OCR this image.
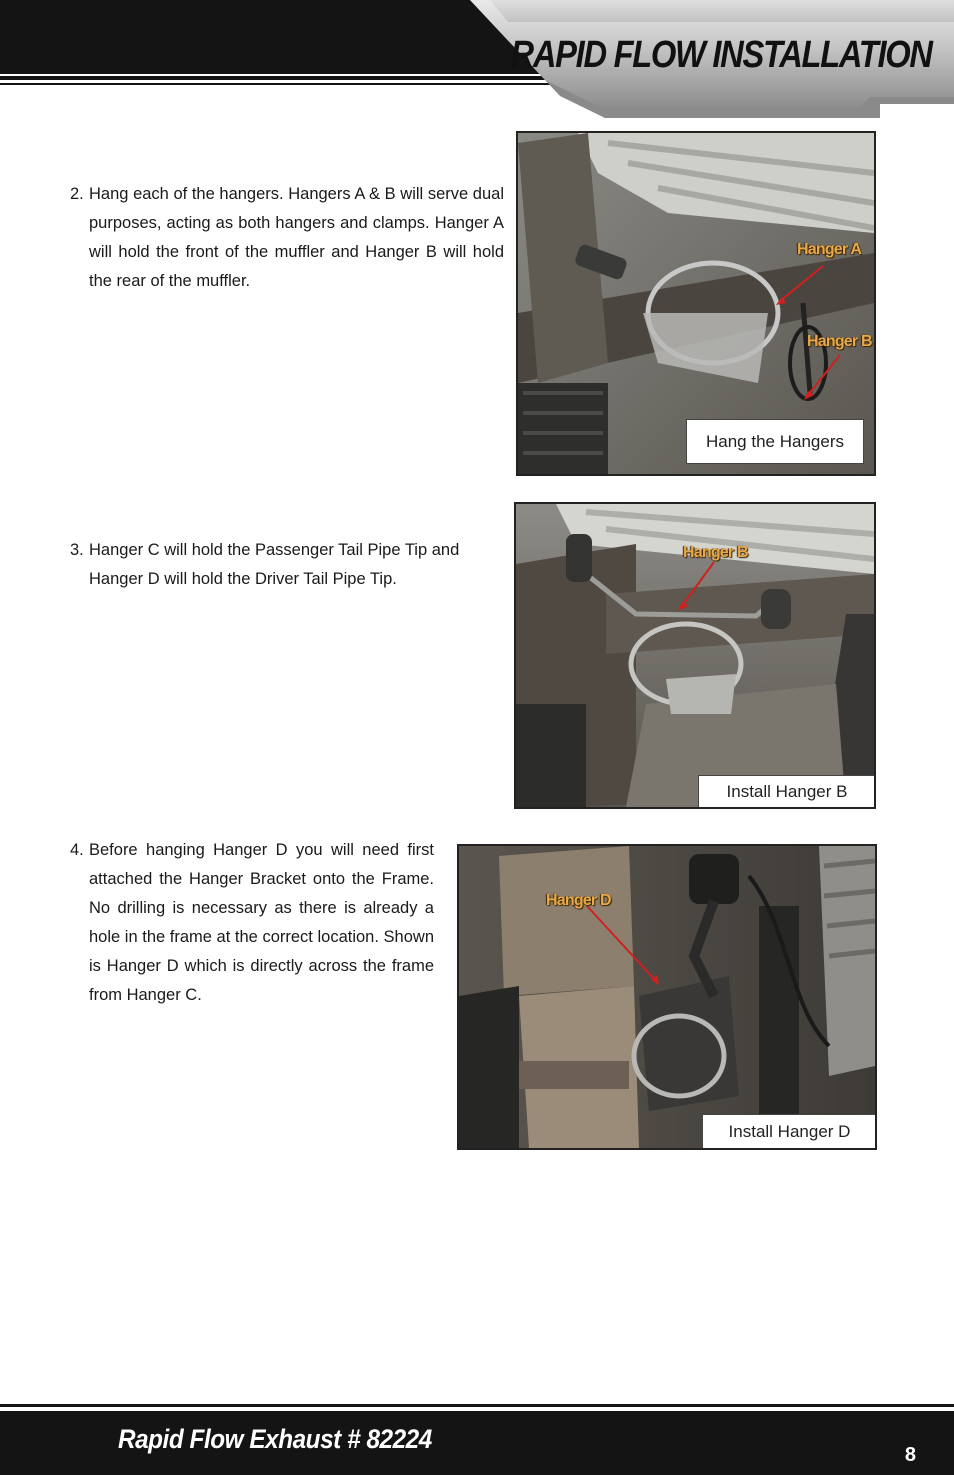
RAPID FLOW INSTALLATION
2. Hang each of the hangers. Hangers A & B will serve dual purposes, acting as both hangers and clamps. Hanger A will hold the front of the muffler and Hanger B will hold the rear of the muffler.
Hanger A
Hanger B
Hang the Hangers
3. Hanger C will hold the Passenger Tail Pipe Tip and Hanger D will hold the Driver Tail Pipe Tip.
Hanger B
Install Hanger B
4. Before hanging Hanger D you will need first attached the Hanger Bracket onto the Frame. No drilling is necessary as there is already a hole in the frame at the correct location. Shown is Hanger D which is directly across the frame from Hanger C.
Hanger D
Install Hanger D

Rapid Flow Exhaust # 82224

8
